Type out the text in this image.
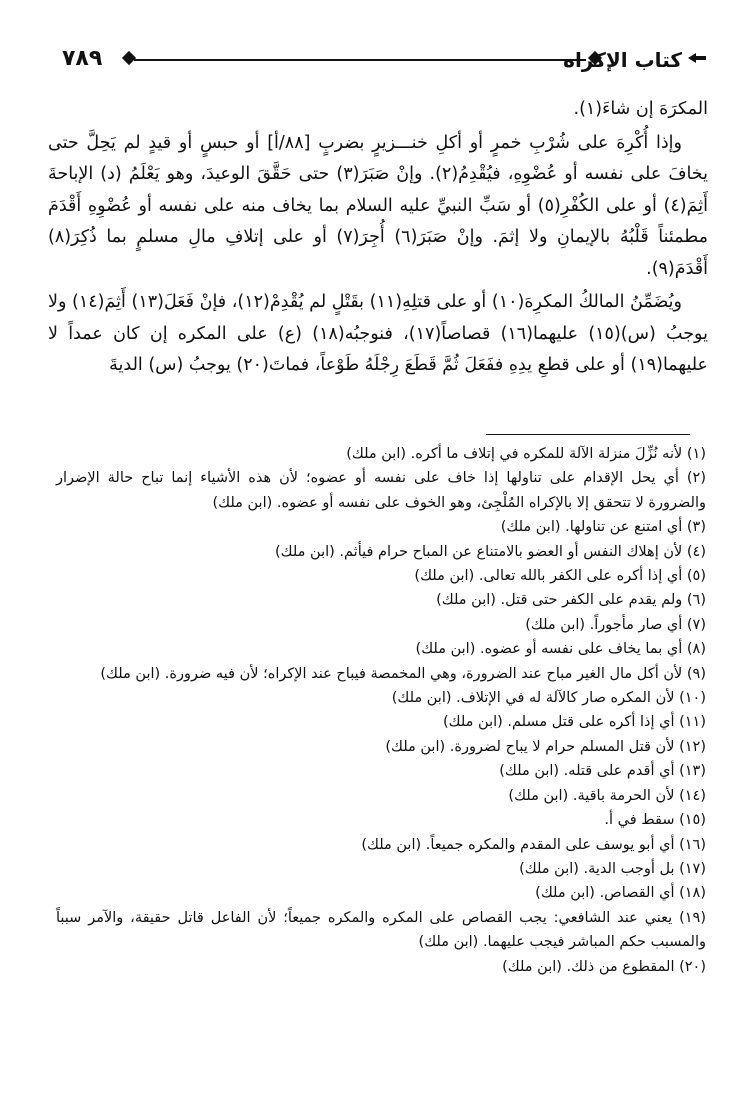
٧٨٩	كتاب الإكراه

المكرَهَ إن شاءَ(١).

وإذا أُكْرِهَ على شُرْبِ خمرٍ أو أكلِ خنـــزيرٍ بضربٍ [٨٨/أ] أو حبسٍ أو قيدٍ لم يَحِلَّ حتى يخافَ على نفسه أو عُضْوِهِ، فيُقْدِمُ(٢). وإنْ صَبَرَ(٣) حتى حَقَّقَ الوعيدَ، وهو يَعْلَمُ (د) الإباحةَ أَثِمَ(٤) أو على الكُفْرِ(٥) أو سَبِّ النبيِّ عليه السلام بما يخاف منه على نفسه أو عُضْوِهِ أَقْدَمَ مطمئناً قَلْبُهُ بالإيمانِ ولا إثمَ. وإنْ صَبَرَ(٦) أُجِرَ(٧) أو على إتلافِ مالِ مسلمٍ بما ذُكِرَ(٨) أَقْدَمَ(٩).

ويُضَمِّنُ المالكُ المكرِهَ(١٠) أو على قتلِهِ(١١) بقَتْلٍ لم يُقْدِمْ(١٢)، فإنْ فَعَلَ(١٣) أَثِمَ(١٤) ولا يوجبُ (س)(١٥) عليهما(١٦) قصاصاً(١٧)، فنوجبُه(١٨) (ع) على المكره إن كان عمداً لا عليهما(١٩) أو على قطعِ يدِهِ ففَعَلَ ثُمَّ قَطَعَ رِجْلَهُ طَوْعاً، فماتَ(٢٠) يوجبُ (س) الديةَ

(١) لأنه نُزِّلَ منزلة الآلة للمكره في إتلاف ما أكره. (ابن ملك)

(٢) أي يحل الإقدام على تناولها إذا خاف على نفسه أو عضوه؛ لأن هذه الأشياء إنما تباح حالة الإضرار والضرورة لا تتحقق إلا بالإكراه المُلْجِئ، وهو الخوف على نفسه أو عضوه. (ابن ملك)

(٣) أي امتنع عن تناولها. (ابن ملك)

(٤) لأن إهلاك النفس أو العضو بالامتناع عن المباح حرام فيأثم. (ابن ملك)

(٥) أي إذا أكره على الكفر بالله تعالى. (ابن ملك)

(٦) ولم يقدم على الكفر حتى قتل. (ابن ملك)

(٧) أي صار مأجوراً. (ابن ملك)

(٨) أي بما يخاف على نفسه أو عضوه. (ابن ملك)

(٩) لأن أكل مال الغير مباح عند الضرورة، وهي المخمصة فيباح عند الإكراه؛ لأن فيه ضرورة. (ابن ملك)

(١٠) لأن المكره صار كالآلة له في الإتلاف. (ابن ملك)

(١١) أي إذا أكره على قتل مسلم. (ابن ملك)

(١٢) لأن قتل المسلم حرام لا يباح لضرورة. (ابن ملك)

(١٣) أي أقدم على قتله. (ابن ملك)

(١٤) لأن الحرمة باقية. (ابن ملك)

(١٥) سقط في أ.

(١٦) أي أبو يوسف على المقدم والمكره جميعاً. (ابن ملك)

(١٧) بل أوجب الدية. (ابن ملك)

(١٨) أي القصاص. (ابن ملك)

(١٩) يعني عند الشافعي: يجب القصاص على المكره والمكره جميعاً؛ لأن الفاعل قاتل حقيقة، والآمر سبباً والمسبب حكم المباشر فيجب عليهما. (ابن ملك)

(٢٠) المقطوع من ذلك. (ابن ملك)
